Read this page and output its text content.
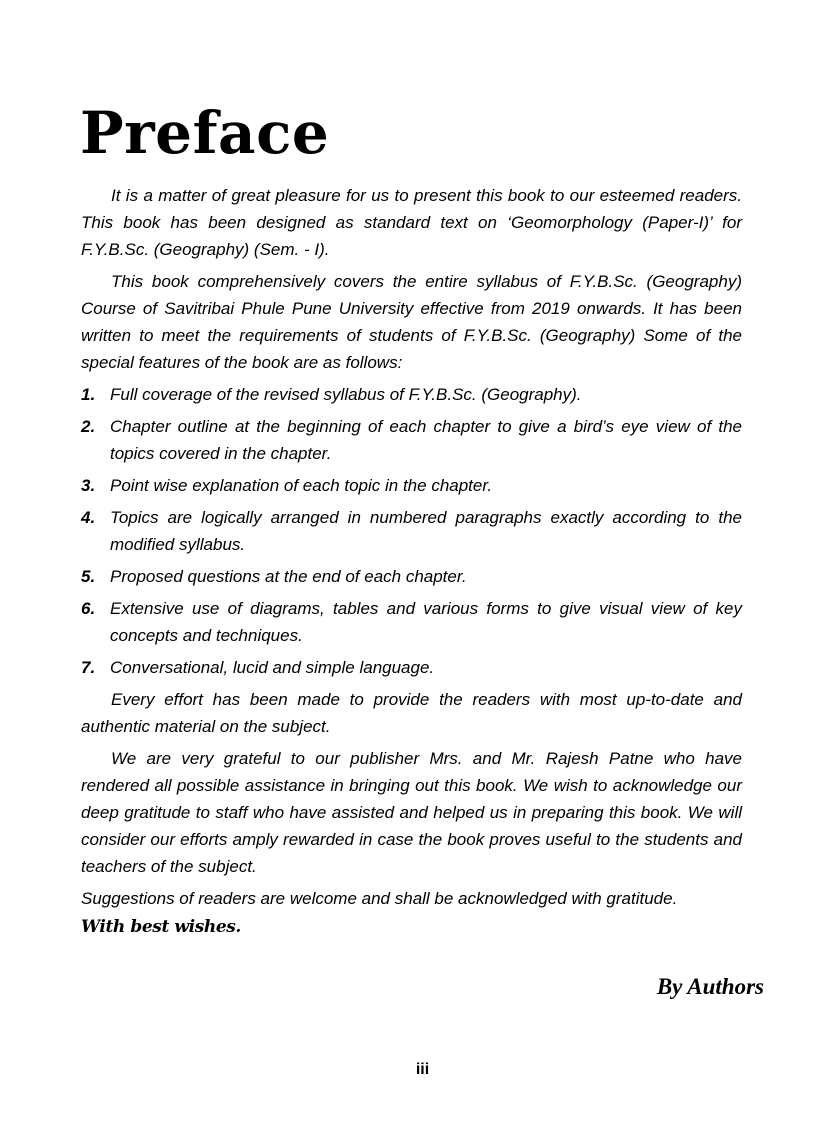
Preface

It is a matter of great pleasure for us to present this book to our esteemed readers. This book has been designed as standard text on ‘Geomorphology (Paper-I)’ for F.Y.B.Sc. (Geography) (Sem. - I).

This book comprehensively covers the entire syllabus of F.Y.B.Sc. (Geography) Course of Savitribai Phule Pune University effective from 2019 onwards. It has been written to meet the requirements of students of F.Y.B.Sc. (Geography) Some of the special features of the book are as follows:

1. Full coverage of the revised syllabus of F.Y.B.Sc. (Geography).
2. Chapter outline at the beginning of each chapter to give a bird’s eye view of the topics covered in the chapter.
3. Point wise explanation of each topic in the chapter.
4. Topics are logically arranged in numbered paragraphs exactly according to the modified syllabus.
5. Proposed questions at the end of each chapter.
6. Extensive use of diagrams, tables and various forms to give visual view of key concepts and techniques.
7. Conversational, lucid and simple language.

Every effort has been made to provide the readers with most up-to-date and authentic material on the subject.

We are very grateful to our publisher Mrs. and Mr. Rajesh Patne who have rendered all possible assistance in bringing out this book. We wish to acknowledge our deep gratitude to staff who have assisted and helped us in preparing this book. We will consider our efforts amply rewarded in case the book proves useful to the students and teachers of the subject.

Suggestions of readers are welcome and shall be acknowledged with gratitude.

With best wishes.

By Authors

iii
